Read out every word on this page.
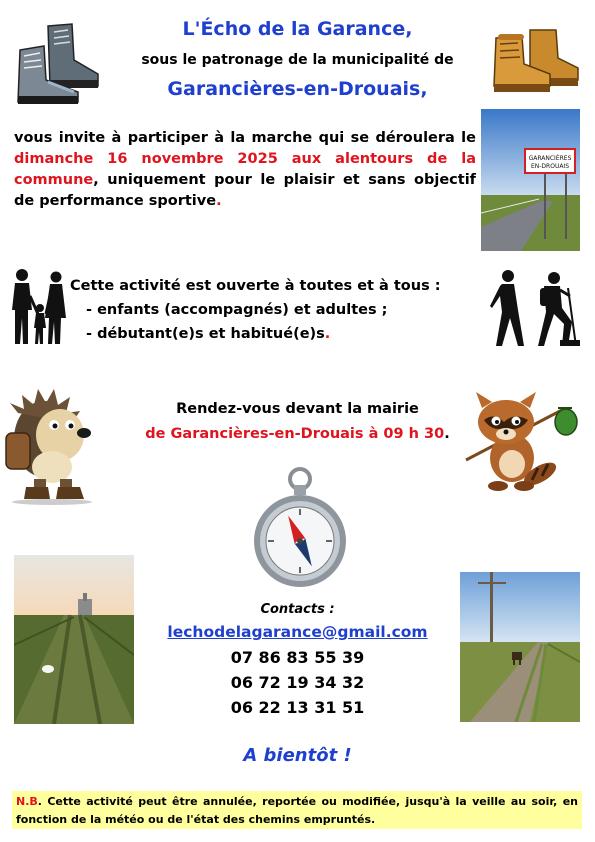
L'Écho de la Garance,
sous le patronage de la municipalité de
Garancières-en-Drouais,

vous invite à participer à la marche qui se déroulera le dimanche 16 novembre 2025 aux alentours de la commune, uniquement pour le plaisir et sans objectif de performance sportive.

GARANCIÈRES
EN-DROUAIS
Cette activité est ouverte à toutes et à tous :
- enfants (accompagnés) et adultes ;
- débutant(e)s et habitué(e)s.
Rendez-vous devant la mairie
de Garancières-en-Drouais à 09 h 30.
Contacts :
lechodelagarance@gmail.com
07 86 83 55 39
06 72 19 34 32
06 22 13 31 51
A bientôt !
N.B. Cette activité peut être annulée, reportée ou modifiée, jusqu'à la veille au soir, en fonction de la météo ou de l'état des chemins empruntés.
